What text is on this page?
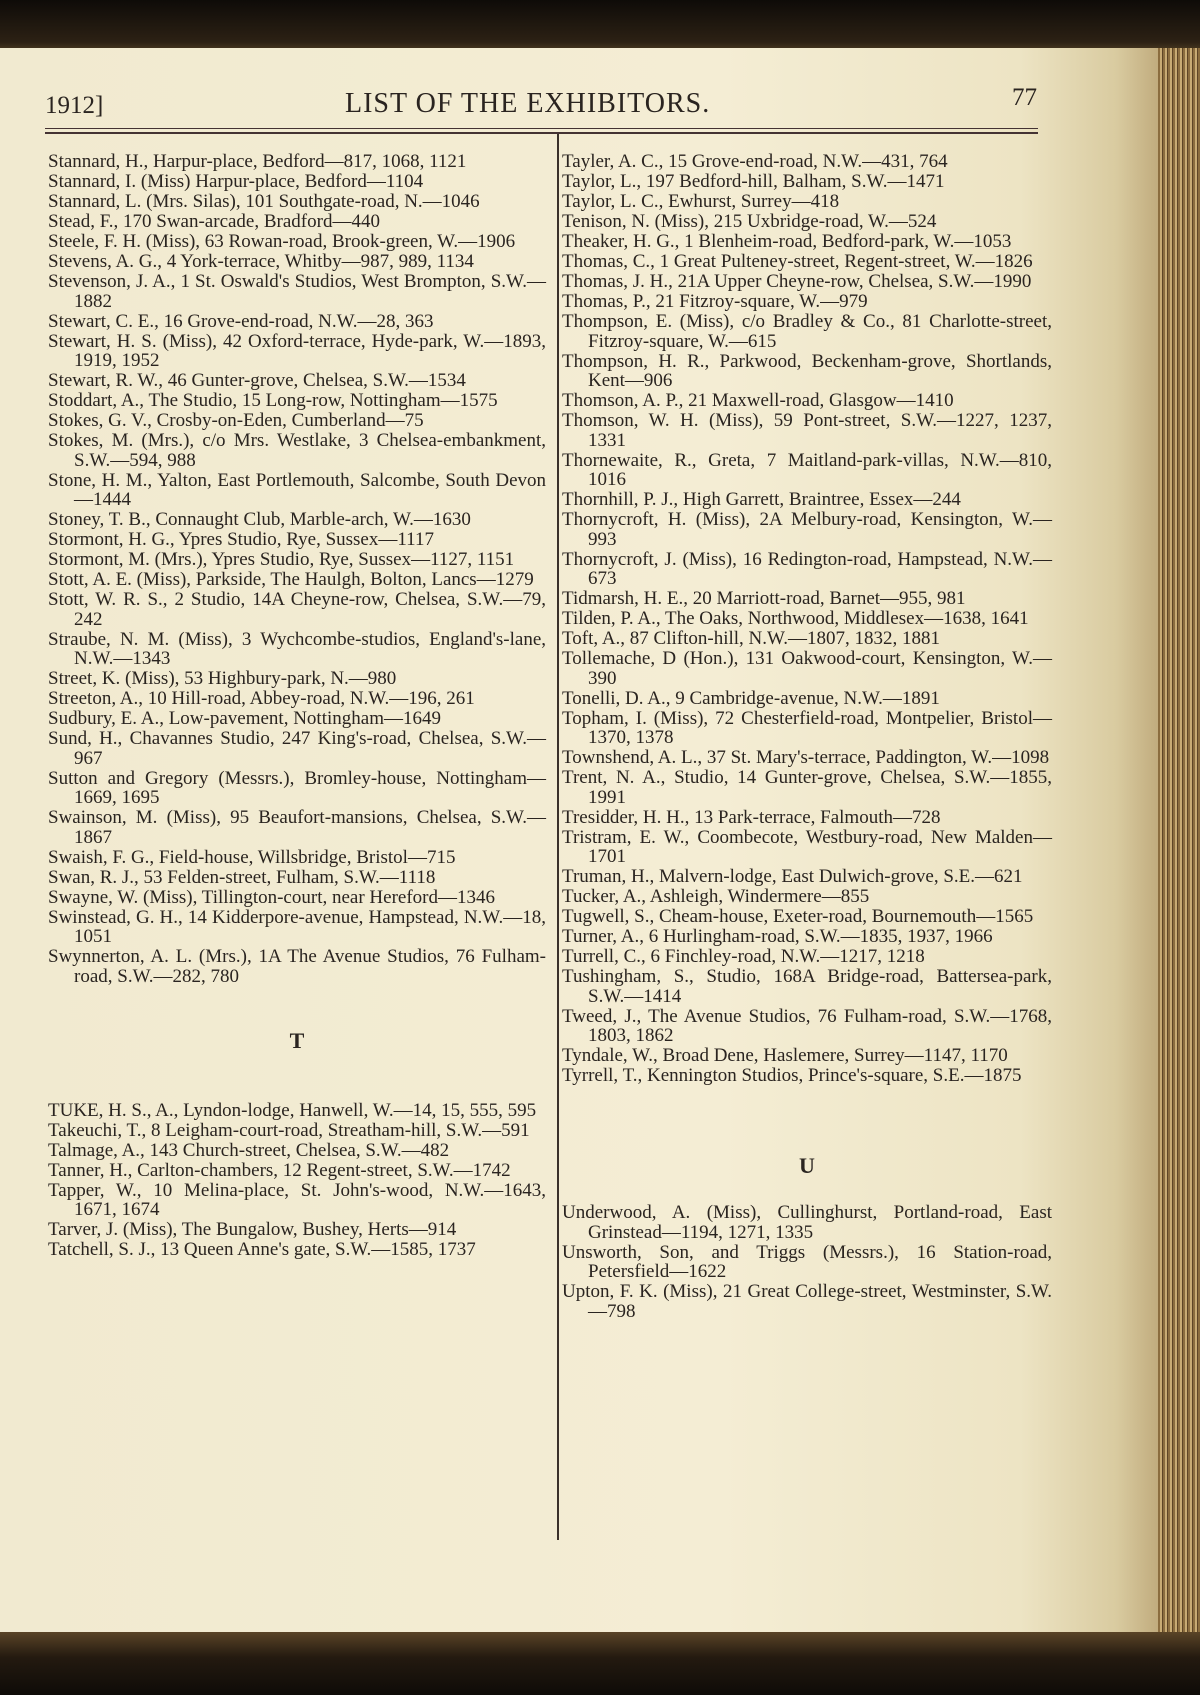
1912]	LIST OF THE EXHIBITORS.	77

Stannard, H., Harpur-place, Bedford—817, 1068, 1121

Stannard, I. (Miss) Harpur-place, Bedford—1104

Stannard, L. (Mrs. Silas), 101 Southgate-road, N.—1046

Stead, F., 170 Swan-arcade, Bradford—440

Steele, F. H. (Miss), 63 Rowan-road, Brook-green, W.—1906

Stevens, A. G., 4 York-terrace, Whitby—987, 989, 1134

Stevenson, J. A., 1 St. Oswald's Studios, West Brompton, S.W.—1882

Stewart, C. E., 16 Grove-end-road, N.W.—28, 363

Stewart, H. S. (Miss), 42 Oxford-terrace, Hyde-park, W.—1893, 1919, 1952

Stewart, R. W., 46 Gunter-grove, Chelsea, S.W.—1534

Stoddart, A., The Studio, 15 Long-row, Nottingham—1575

Stokes, G. V., Crosby-on-Eden, Cumberland—75

Stokes, M. (Mrs.), c/o Mrs. Westlake, 3 Chelsea-embankment, S.W.—594, 988

Stone, H. M., Yalton, East Portlemouth, Salcombe, South Devon—1444

Stoney, T. B., Connaught Club, Marble-arch, W.—1630

Stormont, H. G., Ypres Studio, Rye, Sussex—1117

Stormont, M. (Mrs.), Ypres Studio, Rye, Sussex—1127, 1151

Stott, A. E. (Miss), Parkside, The Haulgh, Bolton, Lancs—1279

Stott, W. R. S., 2 Studio, 14A Cheyne-row, Chelsea, S.W.—79, 242

Straube, N. M. (Miss), 3 Wychcombe-studios, England's-lane, N.W.—1343

Street, K. (Miss), 53 Highbury-park, N.—980

Streeton, A., 10 Hill-road, Abbey-road, N.W.—196, 261

Sudbury, E. A., Low-pavement, Nottingham—1649

Sund, H., Chavannes Studio, 247 King's-road, Chelsea, S.W.—967

Sutton and Gregory (Messrs.), Bromley-house, Nottingham—1669, 1695

Swainson, M. (Miss), 95 Beaufort-mansions, Chelsea, S.W.—1867

Swaish, F. G., Field-house, Willsbridge, Bristol—715

Swan, R. J., 53 Felden-street, Fulham, S.W.—1118

Swayne, W. (Miss), Tillington-court, near Hereford—1346

Swinstead, G. H., 14 Kidderpore-avenue, Hampstead, N.W.—18, 1051

Swynnerton, A. L. (Mrs.), 1A The Avenue Studios, 76 Fulham-road, S.W.—282, 780

T

TUKE, H. S., A., Lyndon-lodge, Hanwell, W.—14, 15, 555, 595

Takeuchi, T., 8 Leigham-court-road, Streatham-hill, S.W.—591

Talmage, A., 143 Church-street, Chelsea, S.W.—482

Tanner, H., Carlton-chambers, 12 Regent-street, S.W.—1742

Tapper, W., 10 Melina-place, St. John's-wood, N.W.—1643, 1671, 1674

Tarver, J. (Miss), The Bungalow, Bushey, Herts—914

Tatchell, S. J., 13 Queen Anne's gate, S.W.—1585, 1737

Tayler, A. C., 15 Grove-end-road, N.W.—431, 764

Taylor, L., 197 Bedford-hill, Balham, S.W.—1471

Taylor, L. C., Ewhurst, Surrey—418

Tenison, N. (Miss), 215 Uxbridge-road, W.—524

Theaker, H. G., 1 Blenheim-road, Bedford-park, W.—1053

Thomas, C., 1 Great Pulteney-street, Regent-street, W.—1826

Thomas, J. H., 21A Upper Cheyne-row, Chelsea, S.W.—1990

Thomas, P., 21 Fitzroy-square, W.—979

Thompson, E. (Miss), c/o Bradley & Co., 81 Charlotte-street, Fitzroy-square, W.—615

Thompson, H. R., Parkwood, Beckenham-grove, Shortlands, Kent—906

Thomson, A. P., 21 Maxwell-road, Glasgow—1410

Thomson, W. H. (Miss), 59 Pont-street, S.W.—1227, 1237, 1331

Thornewaite, R., Greta, 7 Maitland-park-villas, N.W.—810, 1016

Thornhill, P. J., High Garrett, Braintree, Essex—244

Thornycroft, H. (Miss), 2A Melbury-road, Kensington, W.—993

Thornycroft, J. (Miss), 16 Redington-road, Hampstead, N.W.—673

Tidmarsh, H. E., 20 Marriott-road, Barnet—955, 981

Tilden, P. A., The Oaks, Northwood, Middlesex—1638, 1641

Toft, A., 87 Clifton-hill, N.W.—1807, 1832, 1881

Tollemache, D (Hon.), 131 Oakwood-court, Kensington, W.—390

Tonelli, D. A., 9 Cambridge-avenue, N.W.—1891

Topham, I. (Miss), 72 Chesterfield-road, Montpelier, Bristol—1370, 1378

Townshend, A. L., 37 St. Mary's-terrace, Paddington, W.—1098

Trent, N. A., Studio, 14 Gunter-grove, Chelsea, S.W.—1855, 1991

Tresidder, H. H., 13 Park-terrace, Falmouth—728

Tristram, E. W., Coombecote, Westbury-road, New Malden—1701

Truman, H., Malvern-lodge, East Dulwich-grove, S.E.—621

Tucker, A., Ashleigh, Windermere—855

Tugwell, S., Cheam-house, Exeter-road, Bournemouth—1565

Turner, A., 6 Hurlingham-road, S.W.—1835, 1937, 1966

Turrell, C., 6 Finchley-road, N.W.—1217, 1218

Tushingham, S., Studio, 168A Bridge-road, Battersea-park, S.W.—1414

Tweed, J., The Avenue Studios, 76 Fulham-road, S.W.—1768, 1803, 1862

Tyndale, W., Broad Dene, Haslemere, Surrey—1147, 1170

Tyrrell, T., Kennington Studios, Prince's-square, S.E.—1875

U

Underwood, A. (Miss), Cullinghurst, Portland-road, East Grinstead—1194, 1271, 1335

Unsworth, Son, and Triggs (Messrs.), 16 Station-road, Petersfield—1622

Upton, F. K. (Miss), 21 Great College-street, Westminster, S.W.—798
